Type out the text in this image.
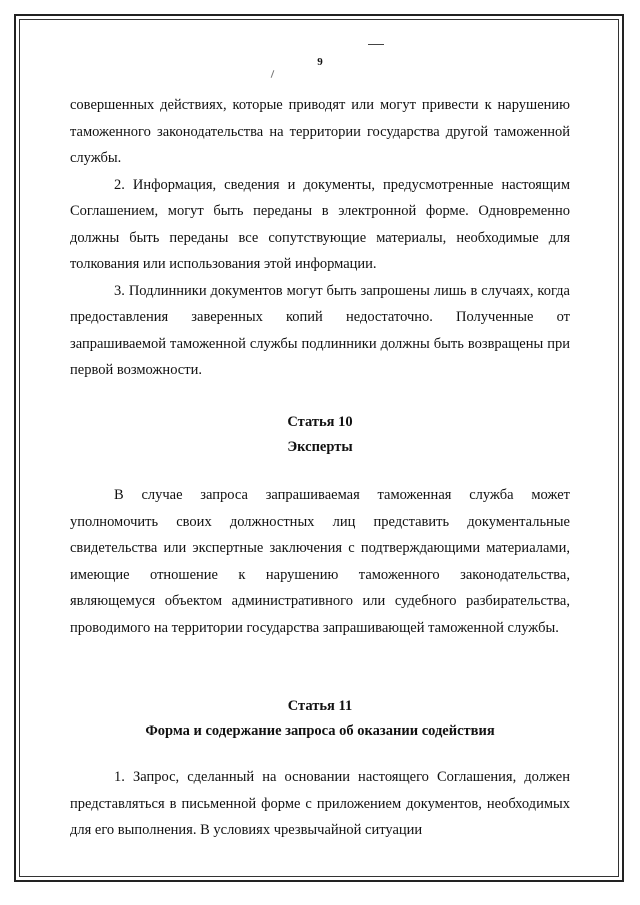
9

совершенных действиях, которые приводят или могут привести к нарушению таможенного законодательства на территории государства другой таможенной службы.

2. Информация, сведения и документы, предусмотренные настоящим Соглашением, могут быть переданы в электронной форме. Одновременно должны быть переданы все сопутствующие материалы, необходимые для толкования или использования этой информации.

3. Подлинники документов могут быть запрошены лишь в случаях, когда предоставления заверенных копий недостаточно. Полученные от запрашиваемой таможенной службы подлинники должны быть возвращены при первой возможности.

Статья 10
Эксперты

В случае запроса запрашиваемая таможенная служба может уполномочить своих должностных лиц представить документальные свидетельства или экспертные заключения с подтверждающими материалами, имеющие отношение к нарушению таможенного законодательства, являющемуся объектом административного или судебного разбирательства, проводимого на территории государства запрашивающей таможенной службы.

Статья 11
Форма и содержание запроса об оказании содействия

1. Запрос, сделанный на основании настоящего Соглашения, должен представляться в письменной форме с приложением документов, необходимых для его выполнения. В условиях чрезвычайной ситуации
